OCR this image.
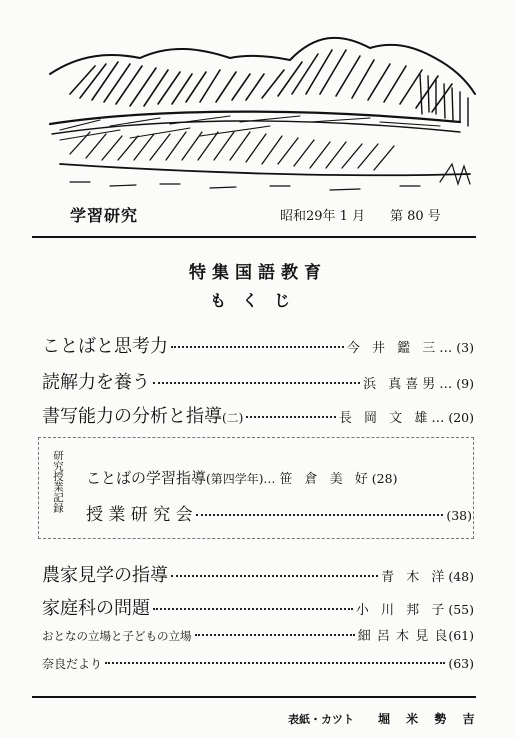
学習研究	昭和29年 1 月 第 80 号
特集国語教育
もくじ
ことばと思考力	今 井 鑑 三… (3)
読解力を養う	浜 真喜男… (9)
書写能力の分析と指導 (二)	長 岡 文 雄… (20)
研究授業記録 ことばの学習指導 (第四学年)… 笹 倉 美 好 (28)
授 業 研 究 会	(38)
農家見学の指導	青 木 洋 (48)
家庭科の問題	小 川 邦 子 (55)
おとなの立場と子どもの立場	細 呂 木 見 良 (61)
奈良だより	(63)
表紙・カツト 堀 米 勢 吉
